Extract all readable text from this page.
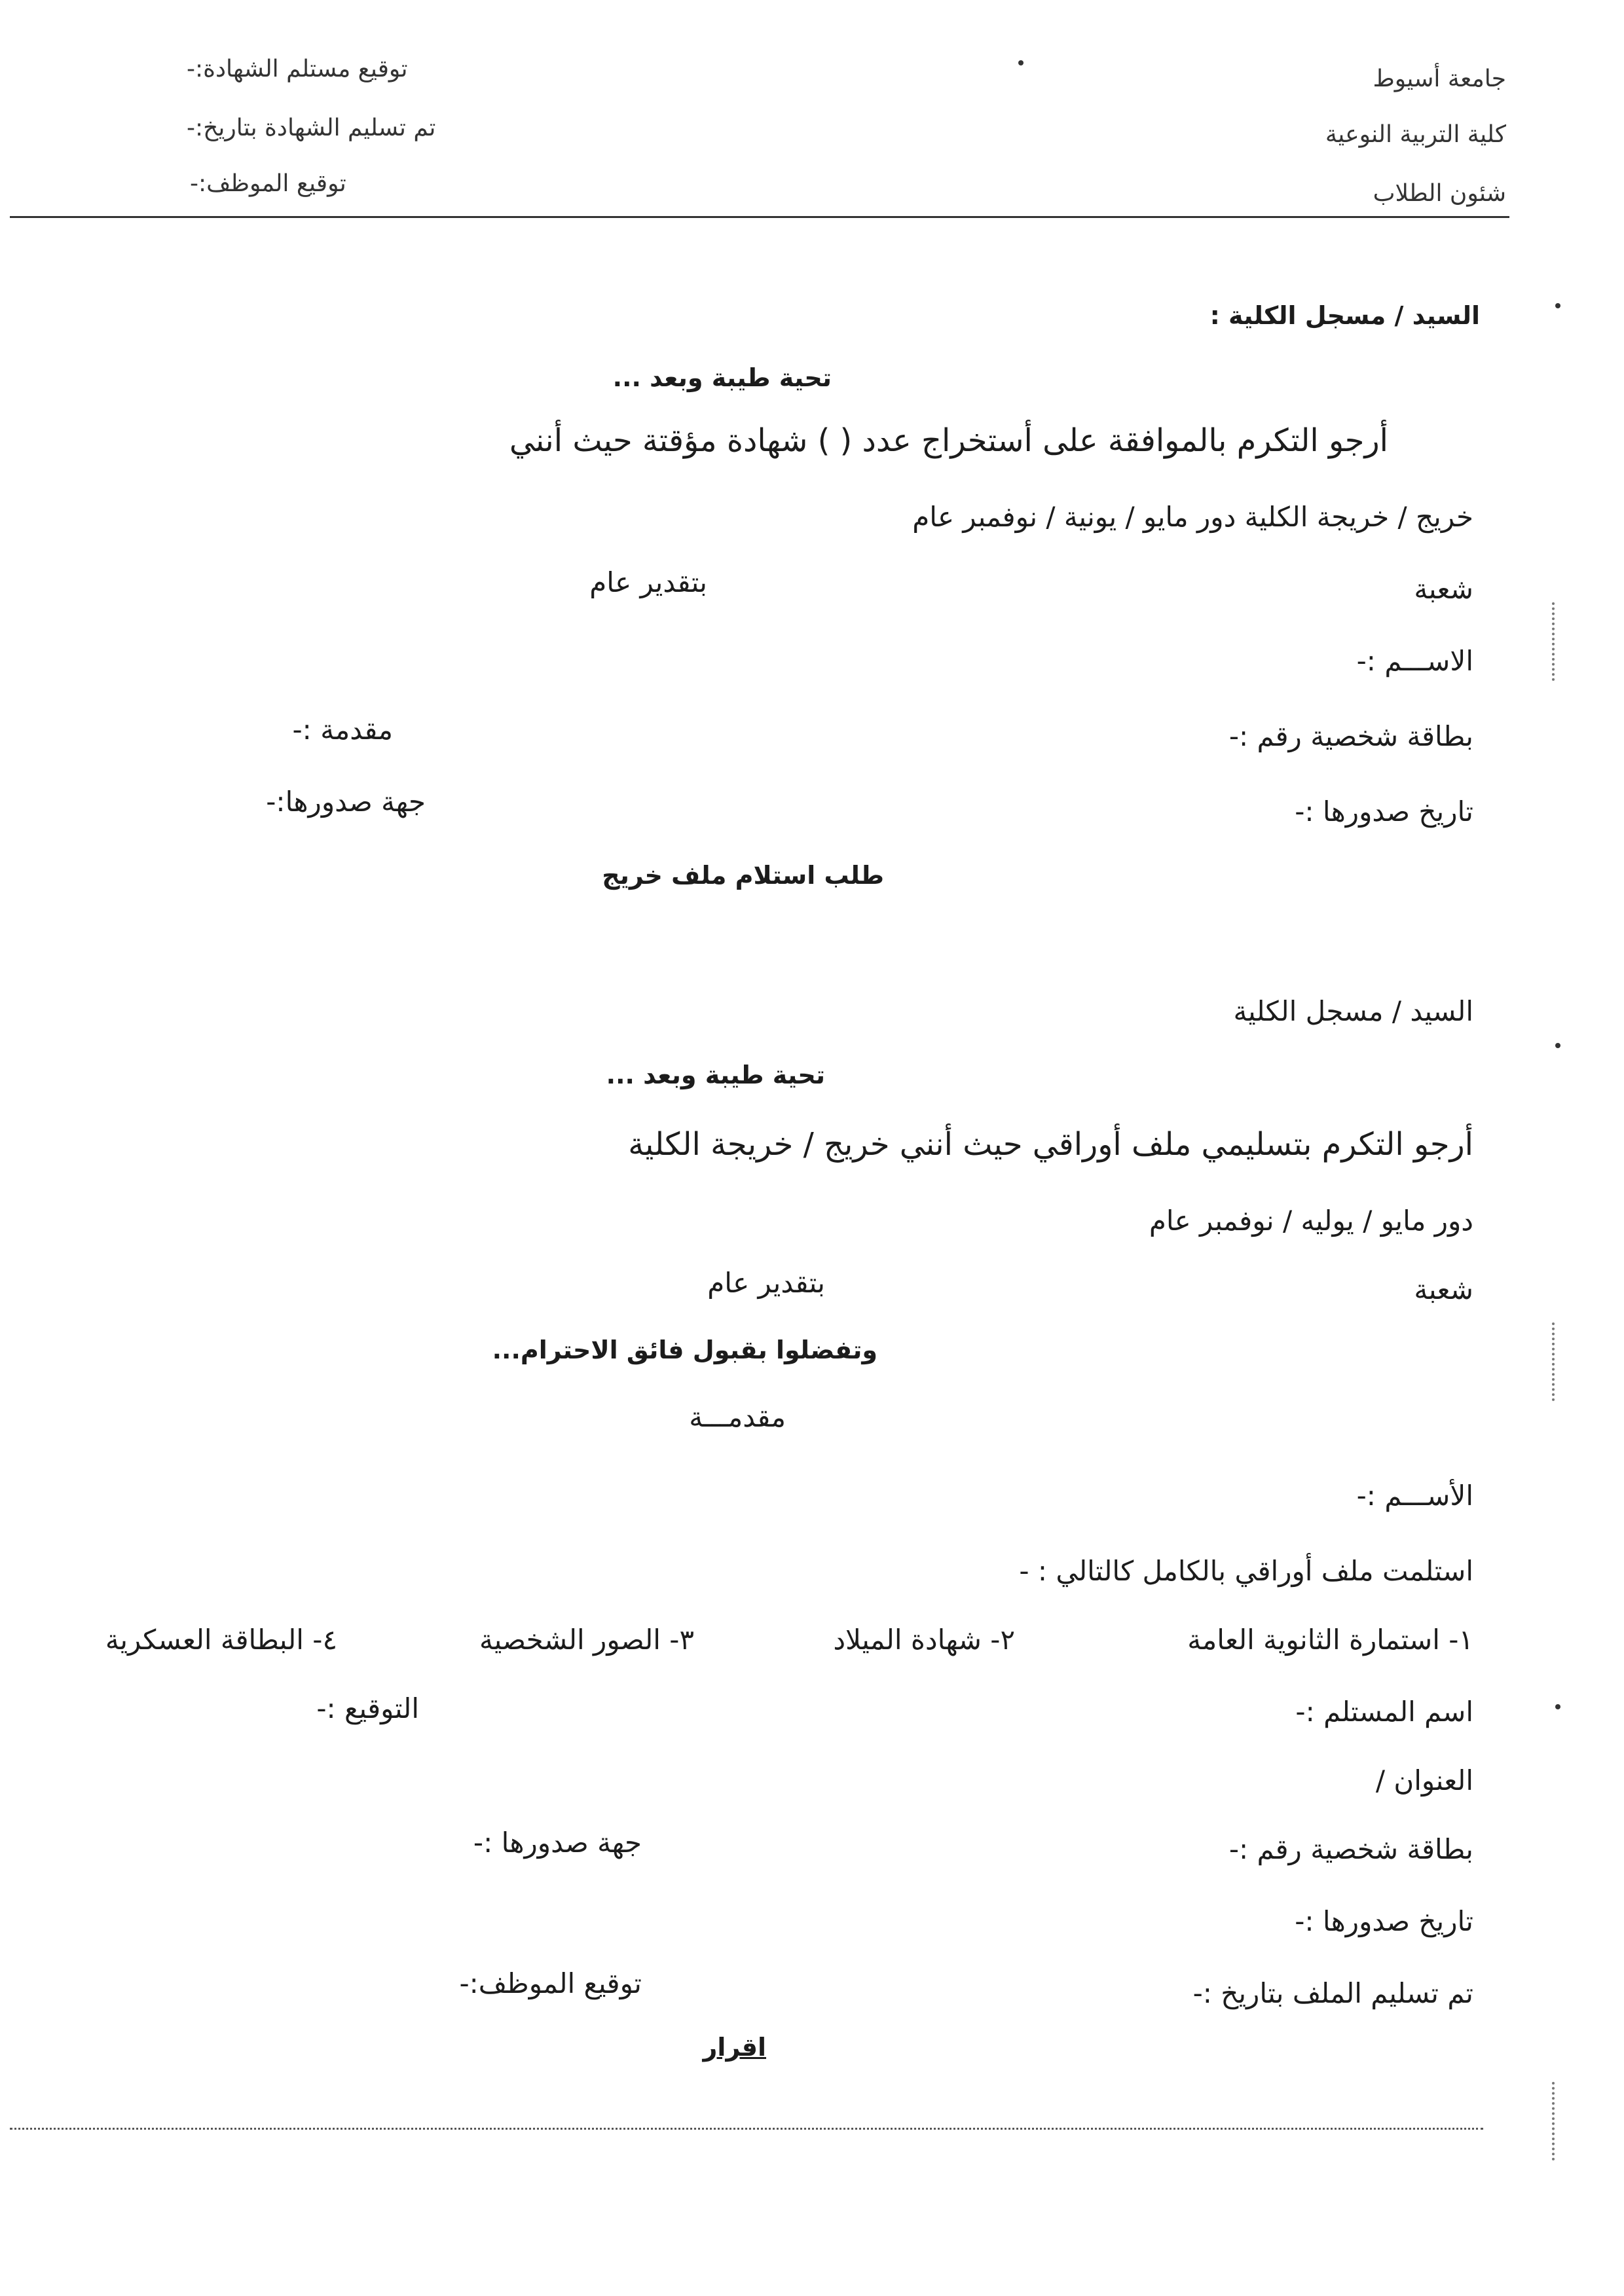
جامعة أسيوط
كلية التربية النوعية
شئون الطلاب
توقيع مستلم الشهادة:-
تم تسليم الشهادة بتاريخ:-
توقيع الموظف:-
السيد / مسجل الكلية :
تحية طيبة وبعد ...
أرجو التكرم بالموافقة على أستخراج عدد ( ) شهادة مؤقتة حيث أنني
خريج / خريجة الكلية دور مايو / يونية / نوفمبر عام
شعبة
بتقدير عام
الاســـم :-
بطاقة شخصية رقم :-
مقدمة :-
تاريخ صدورها :-
جهة صدورها:-
طلب استلام ملف خريج
السيد / مسجل الكلية
تحية طيبة وبعد ...
أرجو التكرم بتسليمي ملف أوراقي حيث أنني خريج / خريجة الكلية
دور مايو / يوليه / نوفمبر عام
شعبة
بتقدير عام
وتفضلوا بقبول فائق الاحترام...
مقدمـــة
الأســـم :-
استلمت ملف أوراقي بالكامل كالتالي : -
١- استمارة الثانوية العامة
٢- شهادة الميلاد
٣- الصور الشخصية
٤- البطاقة العسكرية
اسم المستلم :-
التوقيع :-
العنوان /
بطاقة شخصية رقم :-
جهة صدورها :-
تاريخ صدورها :-
تم تسليم الملف بتاريخ :-
توقيع الموظف:-
اقرار
